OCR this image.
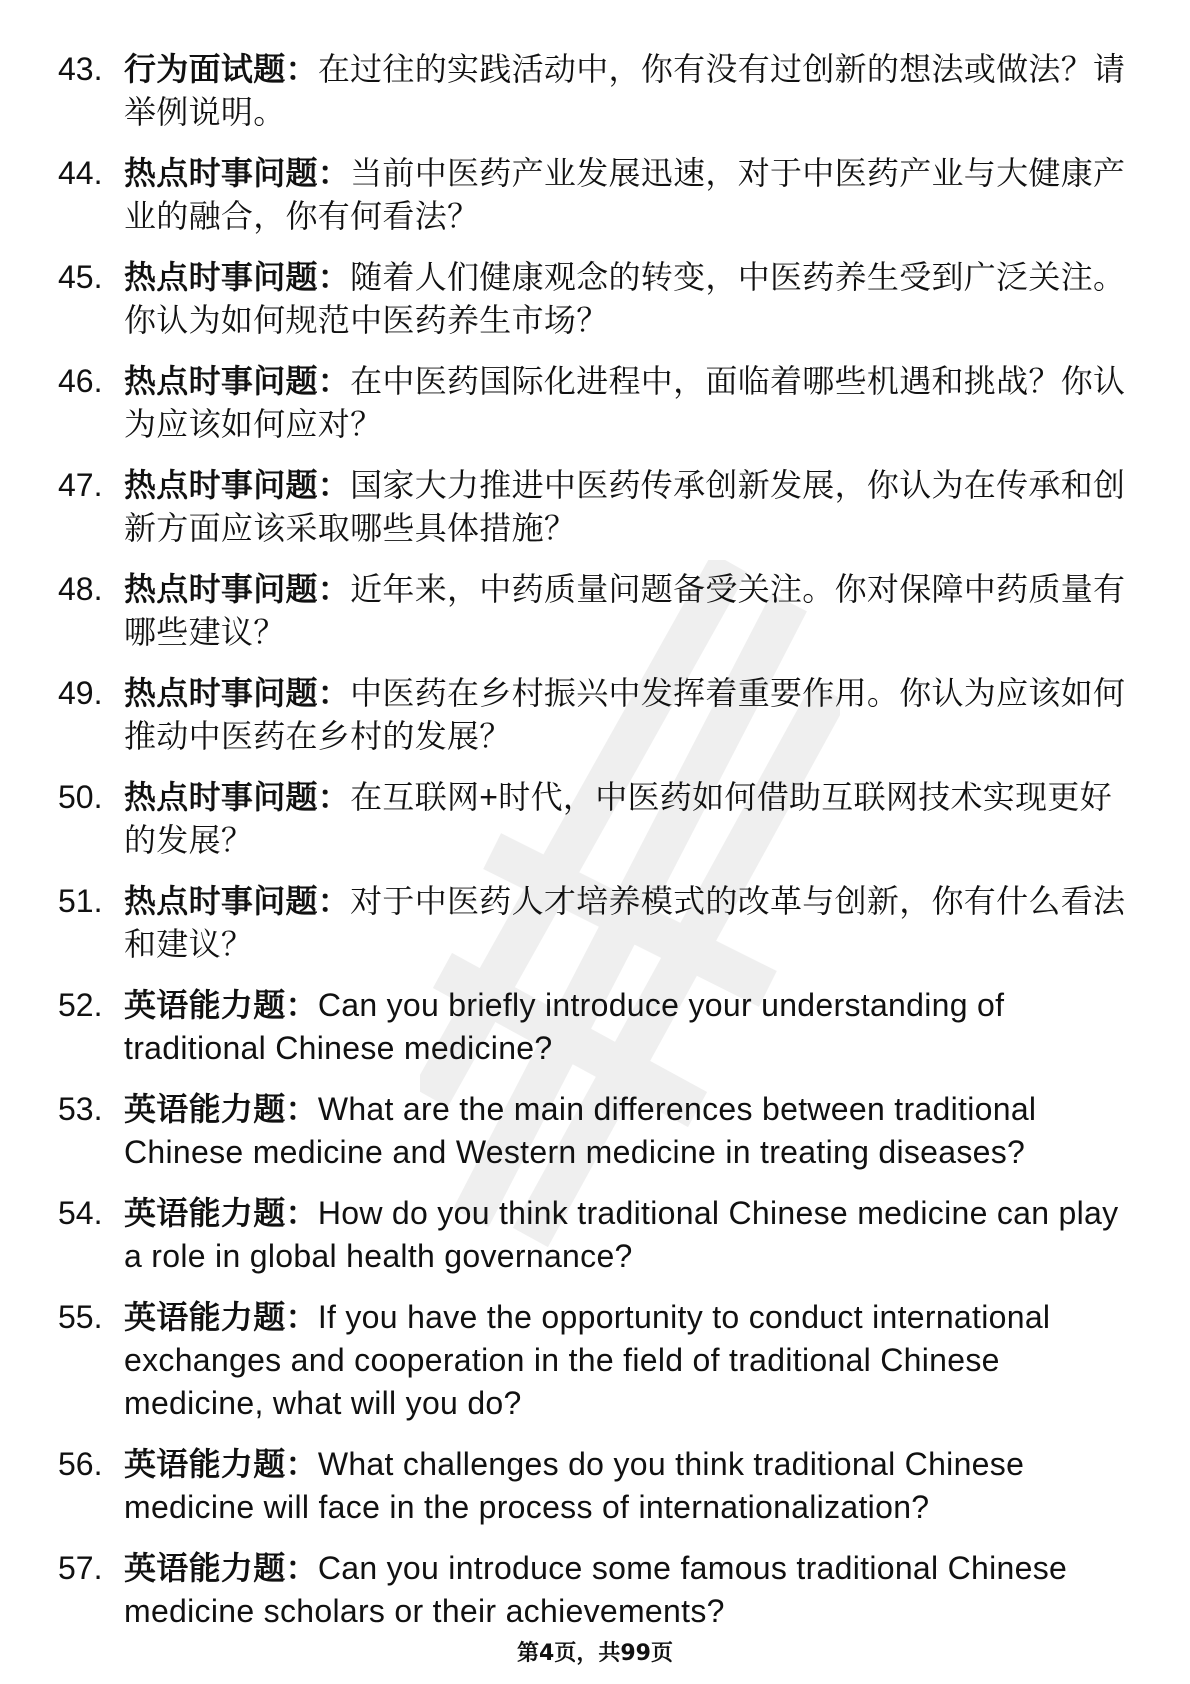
43. 行为面试题：在过往的实践活动中，你有没有过创新的想法或做法？请举例说明。
44. 热点时事问题：当前中医药产业发展迅速，对于中医药产业与大健康产业的融合，你有何看法？
45. 热点时事问题：随着人们健康观念的转变，中医药养生受到广泛关注。你认为如何规范中医药养生市场？
46. 热点时事问题：在中医药国际化进程中，面临着哪些机遇和挑战？你认为应该如何应对？
47. 热点时事问题：国家大力推进中医药传承创新发展，你认为在传承和创新方面应该采取哪些具体措施？
48. 热点时事问题：近年来，中药质量问题备受关注。你对保障中药质量有哪些建议？
49. 热点时事问题：中医药在乡村振兴中发挥着重要作用。你认为应该如何推动中医药在乡村的发展？
50. 热点时事问题：在互联网+时代，中医药如何借助互联网技术实现更好的发展？
51. 热点时事问题：对于中医药人才培养模式的改革与创新，你有什么看法和建议？
52. 英语能力题：Can you briefly introduce your understanding of traditional Chinese medicine?
53. 英语能力题：What are the main differences between traditional Chinese medicine and Western medicine in treating diseases?
54. 英语能力题：How do you think traditional Chinese medicine can play a role in global health governance?
55. 英语能力题：If you have the opportunity to conduct international exchanges and cooperation in the field of traditional Chinese medicine, what will you do?
56. 英语能力题：What challenges do you think traditional Chinese medicine will face in the process of internationalization?
57. 英语能力题：Can you introduce some famous traditional Chinese medicine scholars or their achievements?
第4页，共99页
